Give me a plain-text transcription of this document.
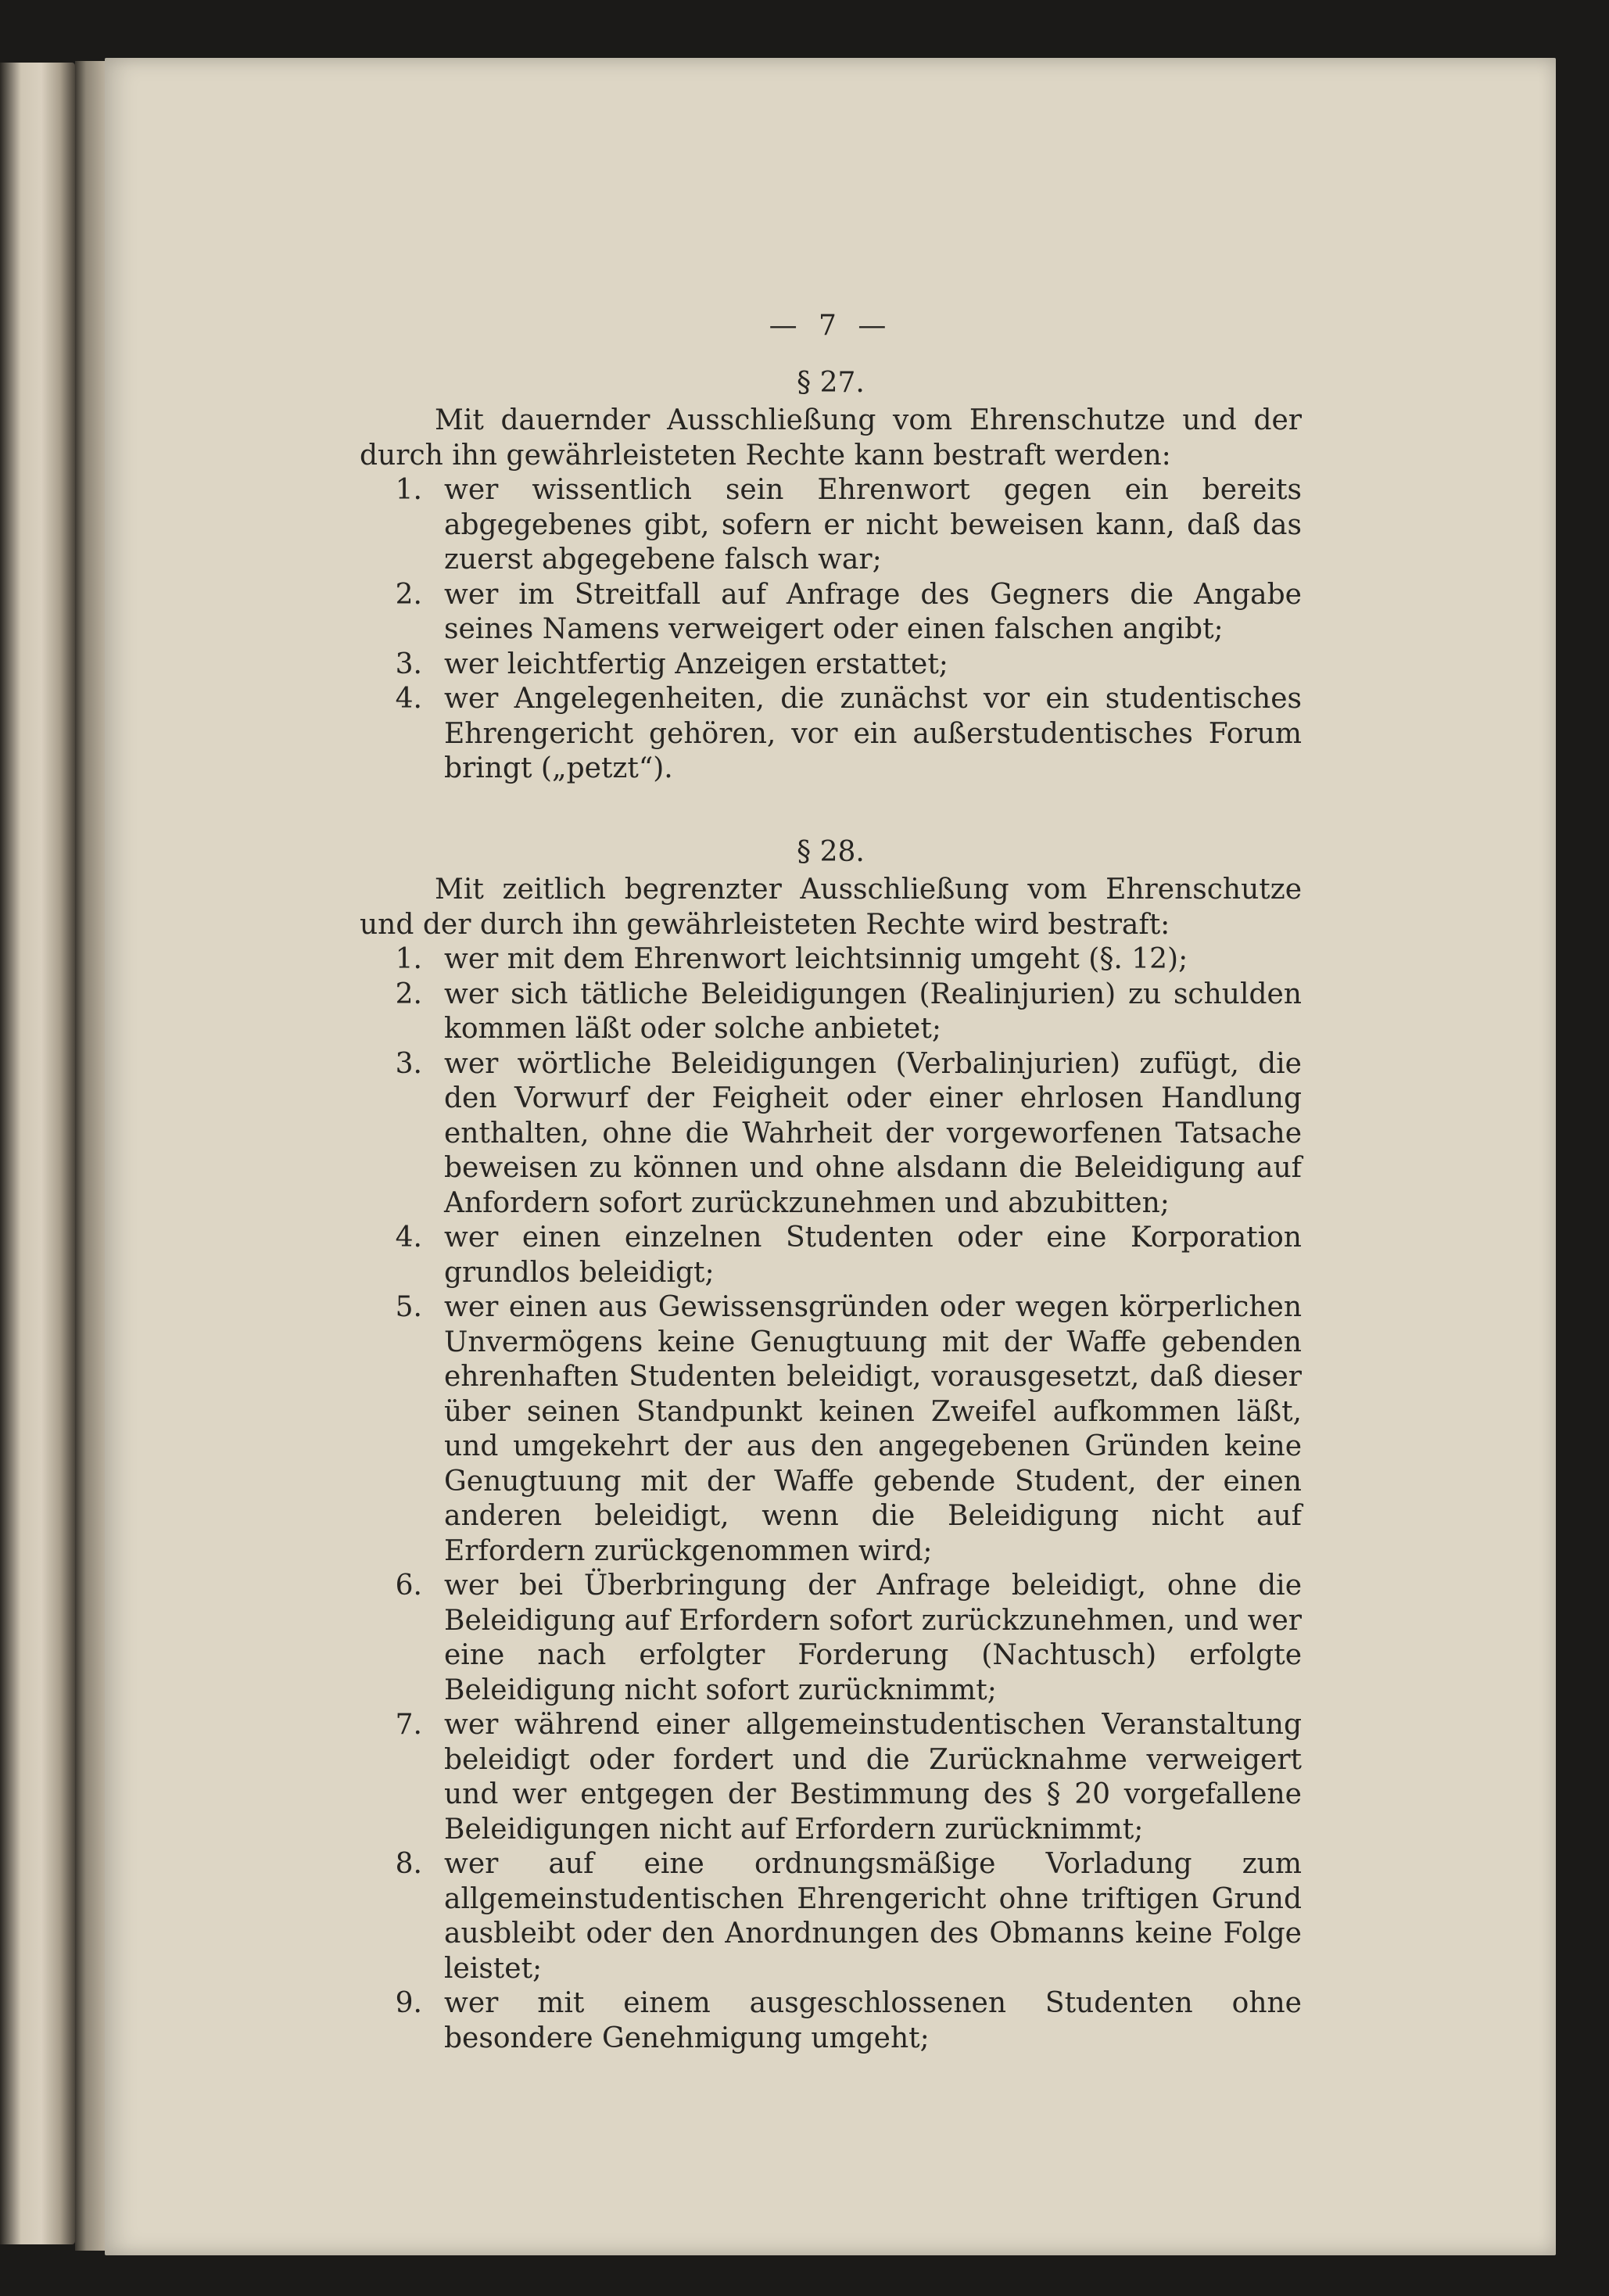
— 7 —
§ 27.
Mit dauernder Ausschließung vom Ehrenschutze und der durch ihn gewährleisteten Rechte kann bestraft werden:
1. wer wissentlich sein Ehrenwort gegen ein bereits abgegebenes gibt, sofern er nicht beweisen kann, daß das zuerst abgegebene falsch war;
2. wer im Streitfall auf Anfrage des Gegners die Angabe seines Namens verweigert oder einen falschen angibt;
3. wer leichtfertig Anzeigen erstattet;
4. wer Angelegenheiten, die zunächst vor ein studentisches Ehrengericht gehören, vor ein außerstudentisches Forum bringt („petzt“).
§ 28.
Mit zeitlich begrenzter Ausschließung vom Ehrenschutze und der durch ihn gewährleisteten Rechte wird bestraft:
1. wer mit dem Ehrenwort leichtsinnig umgeht (§. 12);
2. wer sich tätliche Beleidigungen (Realinjurien) zu schulden kommen läßt oder solche anbietet;
3. wer wörtliche Beleidigungen (Verbalinjurien) zufügt, die den Vorwurf der Feigheit oder einer ehrlosen Handlung enthalten, ohne die Wahrheit der vorgeworfenen Tatsache beweisen zu können und ohne alsdann die Beleidigung auf Anfordern sofort zurückzunehmen und abzubitten;
4. wer einen einzelnen Studenten oder eine Korporation grundlos beleidigt;
5. wer einen aus Gewissensgründen oder wegen körperlichen Unvermögens keine Genugtuung mit der Waffe gebenden ehrenhaften Studenten beleidigt, vorausgesetzt, daß dieser über seinen Standpunkt keinen Zweifel aufkommen läßt, und umgekehrt der aus den angegebenen Gründen keine Genugtuung mit der Waffe gebende Student, der einen anderen beleidigt, wenn die Beleidigung nicht auf Erfordern zurückgenommen wird;
6. wer bei Überbringung der Anfrage beleidigt, ohne die Beleidigung auf Erfordern sofort zurückzunehmen, und wer eine nach erfolgter Forderung (Nachtusch) erfolgte Beleidigung nicht sofort zurücknimmt;
7. wer während einer allgemeinstudentischen Veranstaltung beleidigt oder fordert und die Zurücknahme verweigert und wer entgegen der Bestimmung des § 20 vorgefallene Beleidigungen nicht auf Erfordern zurücknimmt;
8. wer auf eine ordnungsmäßige Vorladung zum allgemeinstudentischen Ehrengericht ohne triftigen Grund ausbleibt oder den Anordnungen des Obmanns keine Folge leistet;
9. wer mit einem ausgeschlossenen Studenten ohne besondere Genehmigung umgeht;
